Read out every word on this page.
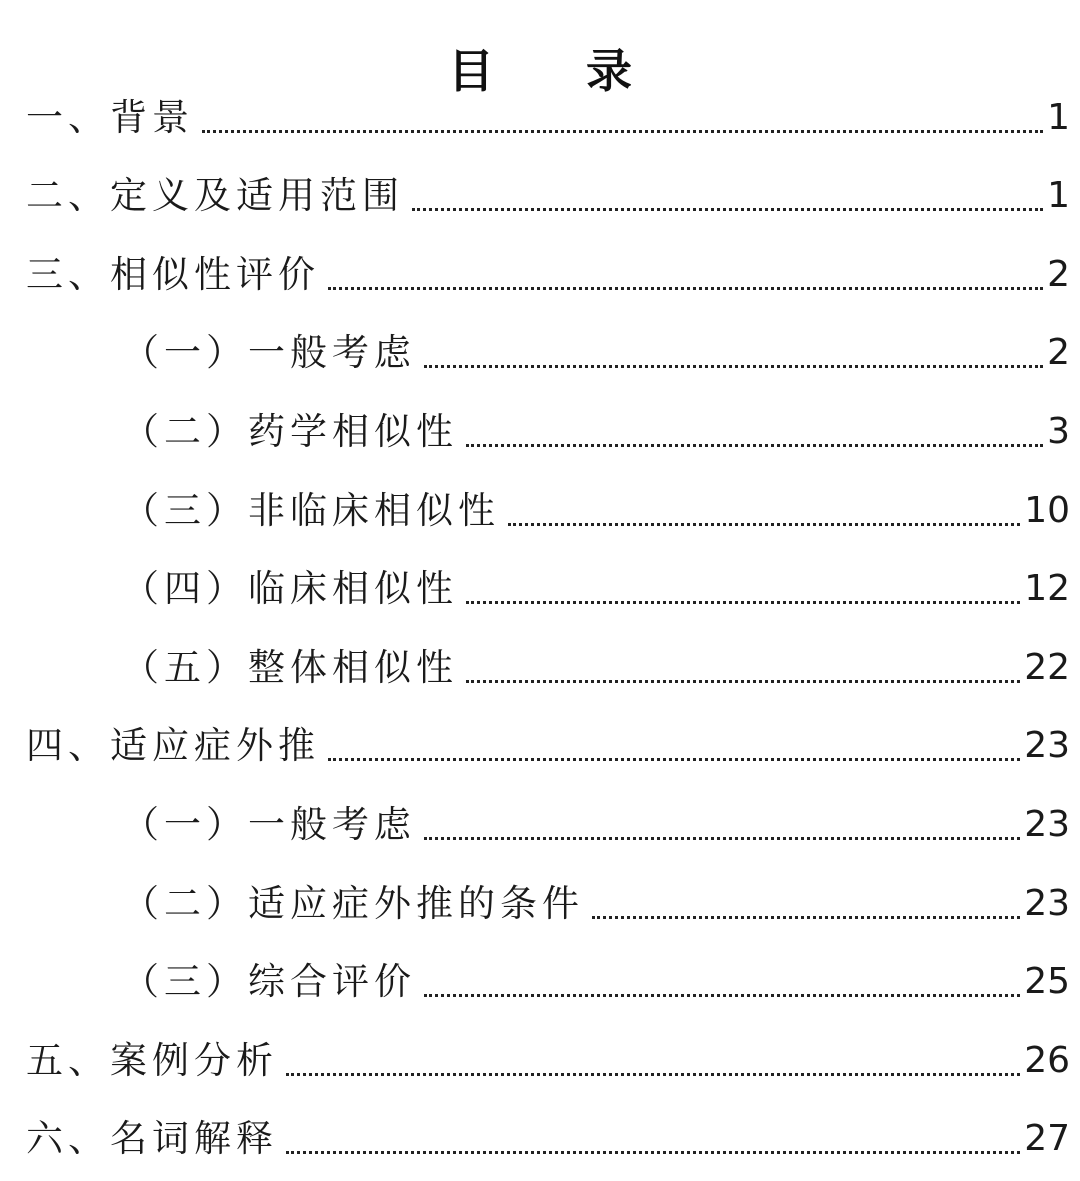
目 录
一、背景	1
二、定义及适用范围	1
三、相似性评价	2
（一）一般考虑	2
（二）药学相似性	3
（三）非临床相似性	10
（四）临床相似性	12
（五）整体相似性	22
四、适应症外推	23
（一）一般考虑	23
（二）适应症外推的条件	23
（三）综合评价	25
五、案例分析	26
六、名词解释	27
